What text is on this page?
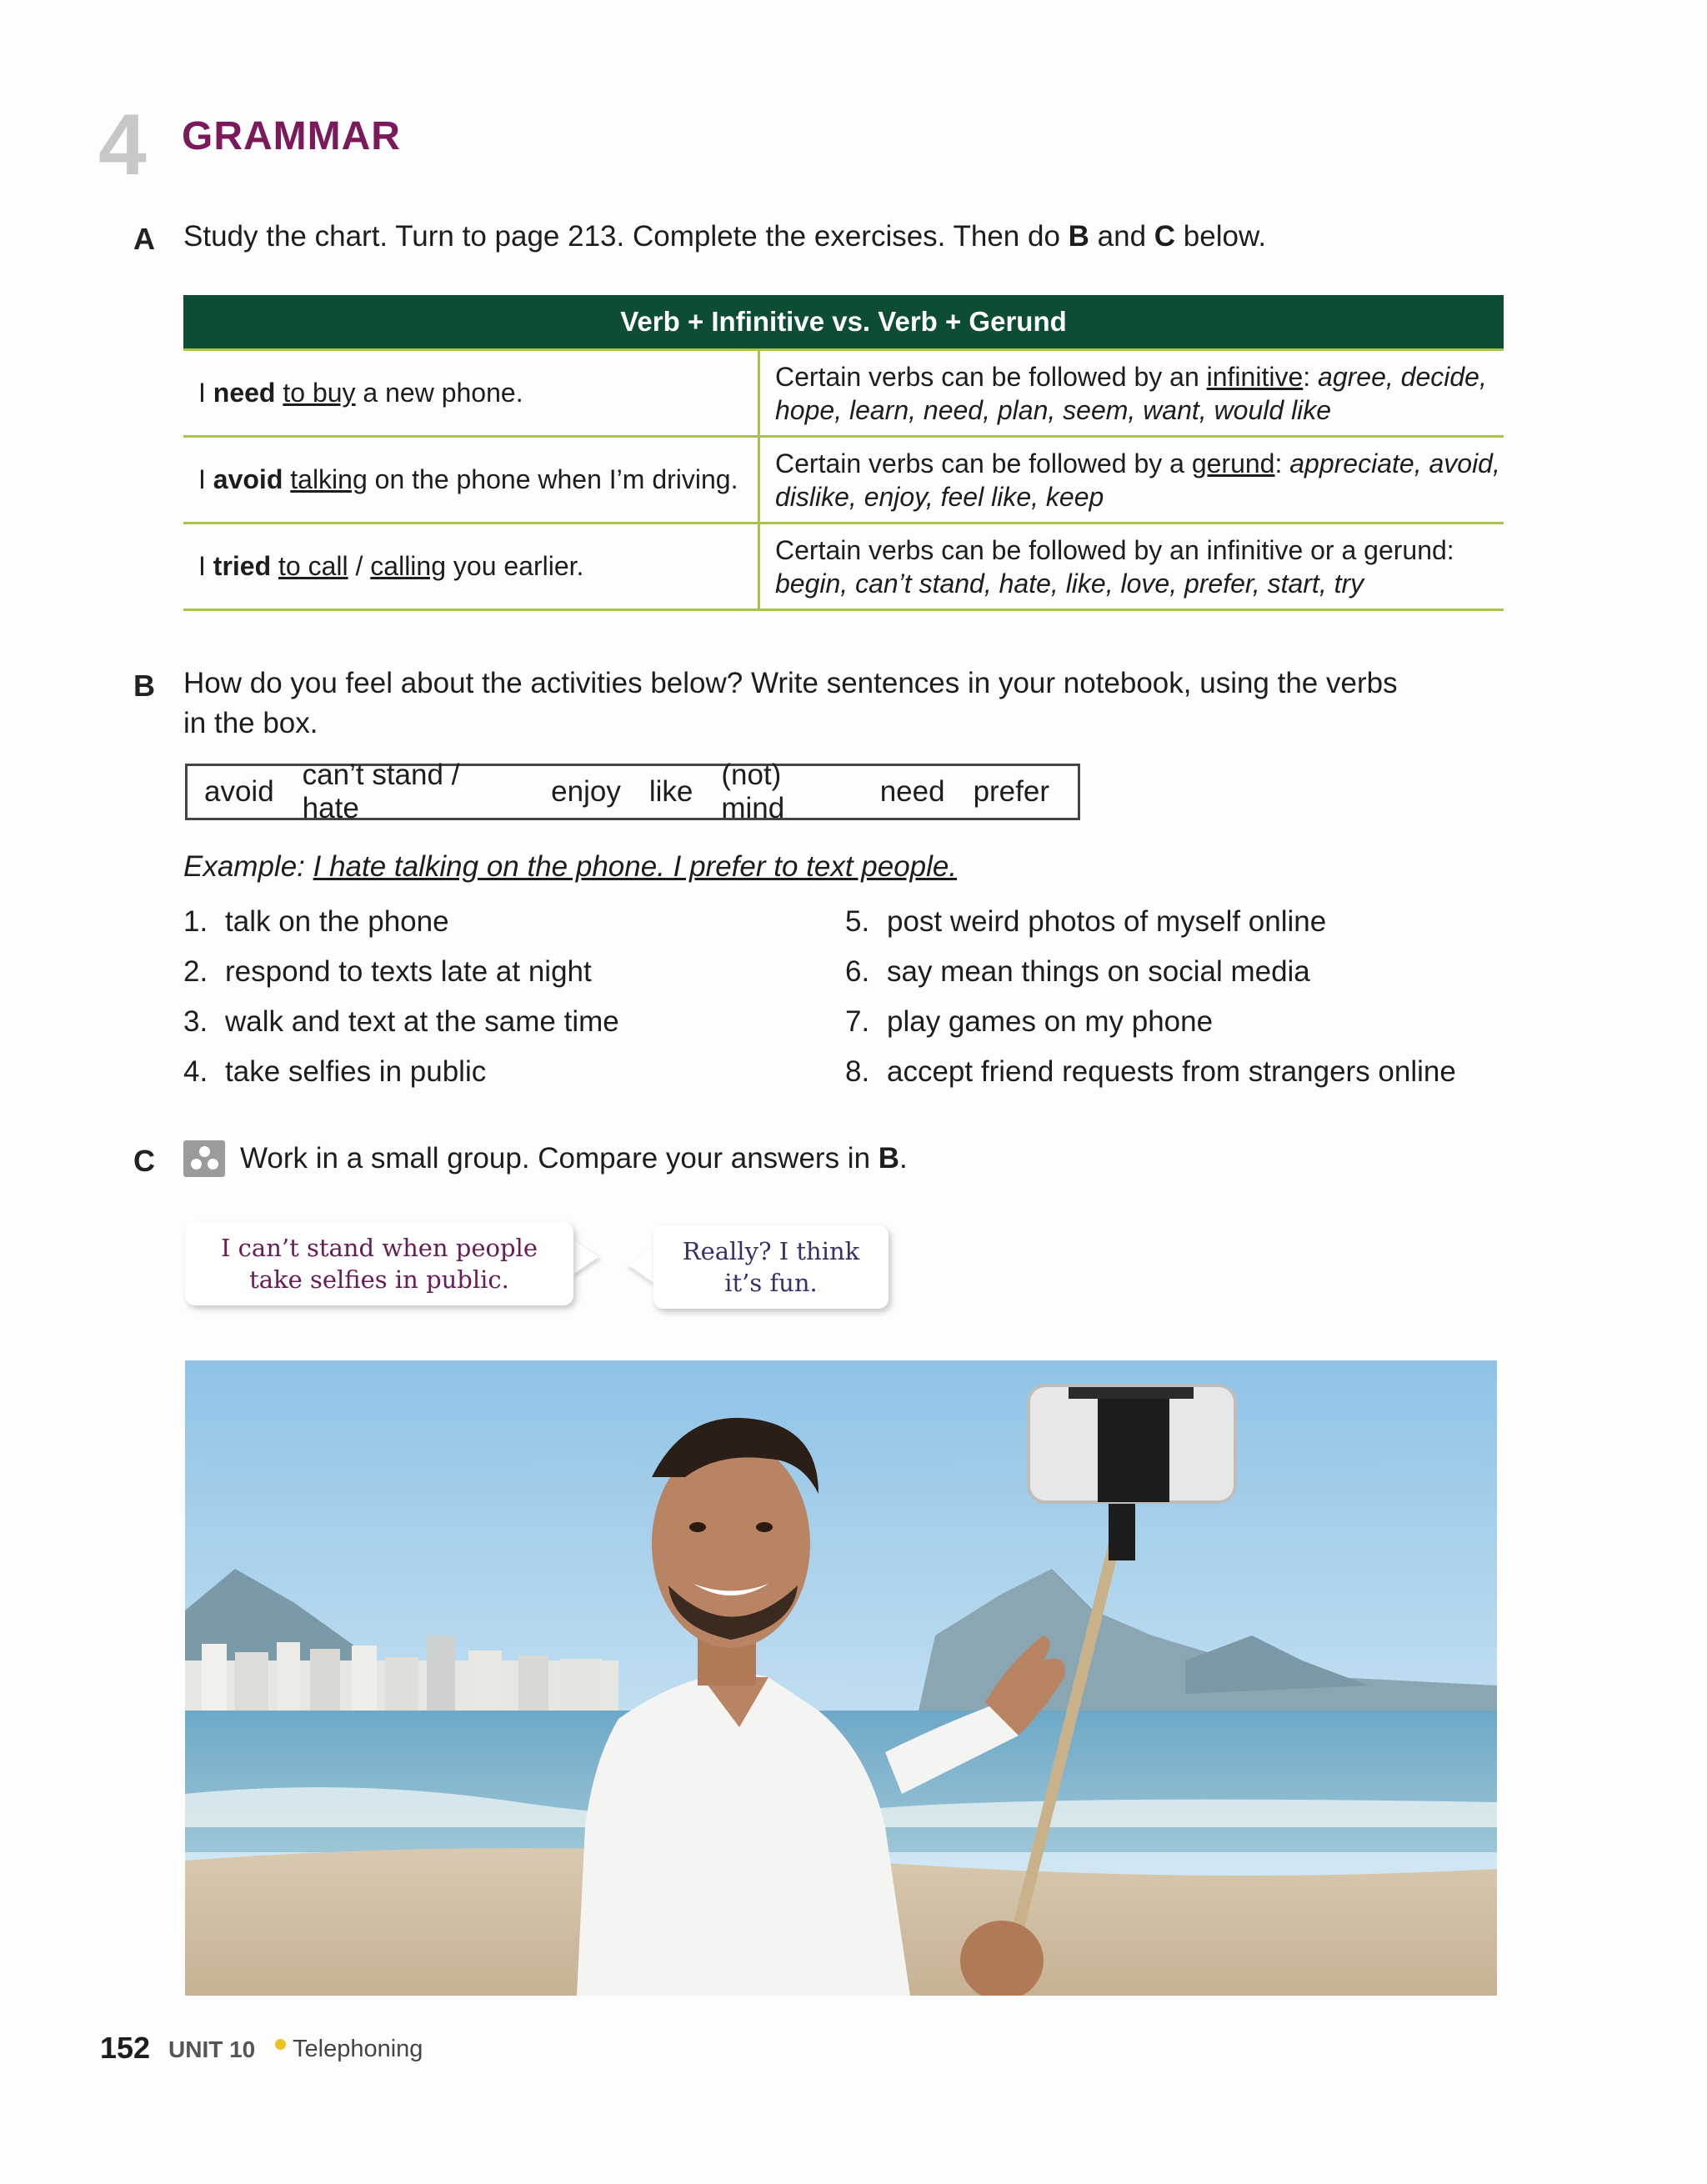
4 GRAMMAR
A Study the chart. Turn to page 213. Complete the exercises. Then do B and C below.
Verb + Infinitive vs. Verb + Gerund
I need to buy a new phone.
Certain verbs can be followed by an infinitive: agree, decide, hope, learn, need, plan, seem, want, would like
I avoid talking on the phone when I’m driving.
Certain verbs can be followed by a gerund: appreciate, avoid, dislike, enjoy, feel like, keep
I tried to call / calling you earlier.
Certain verbs can be followed by an infinitive or a gerund:
begin, can’t stand, hate, like, love, prefer, start, try
B How do you feel about the activities below? Write sentences in your notebook, using the verbs
in the box.
avoid
can’t stand / hate
enjoy like
(not) mind
need prefer
Example: I hate talking on the phone. I prefer to text people.
1. talk on the phone
2. respond to texts late at night
3. walk and text at the same time
4. take selfies in public
5. post weird photos of myself online
6. say mean things on social media
7. play games on my phone
8. accept friend requests from strangers online
C	Work in a small group. Compare your answers in B.
I can’t stand when people
take selfies in public.
Really? I think
it’s fun.
152 UNIT 10 Telephoning
